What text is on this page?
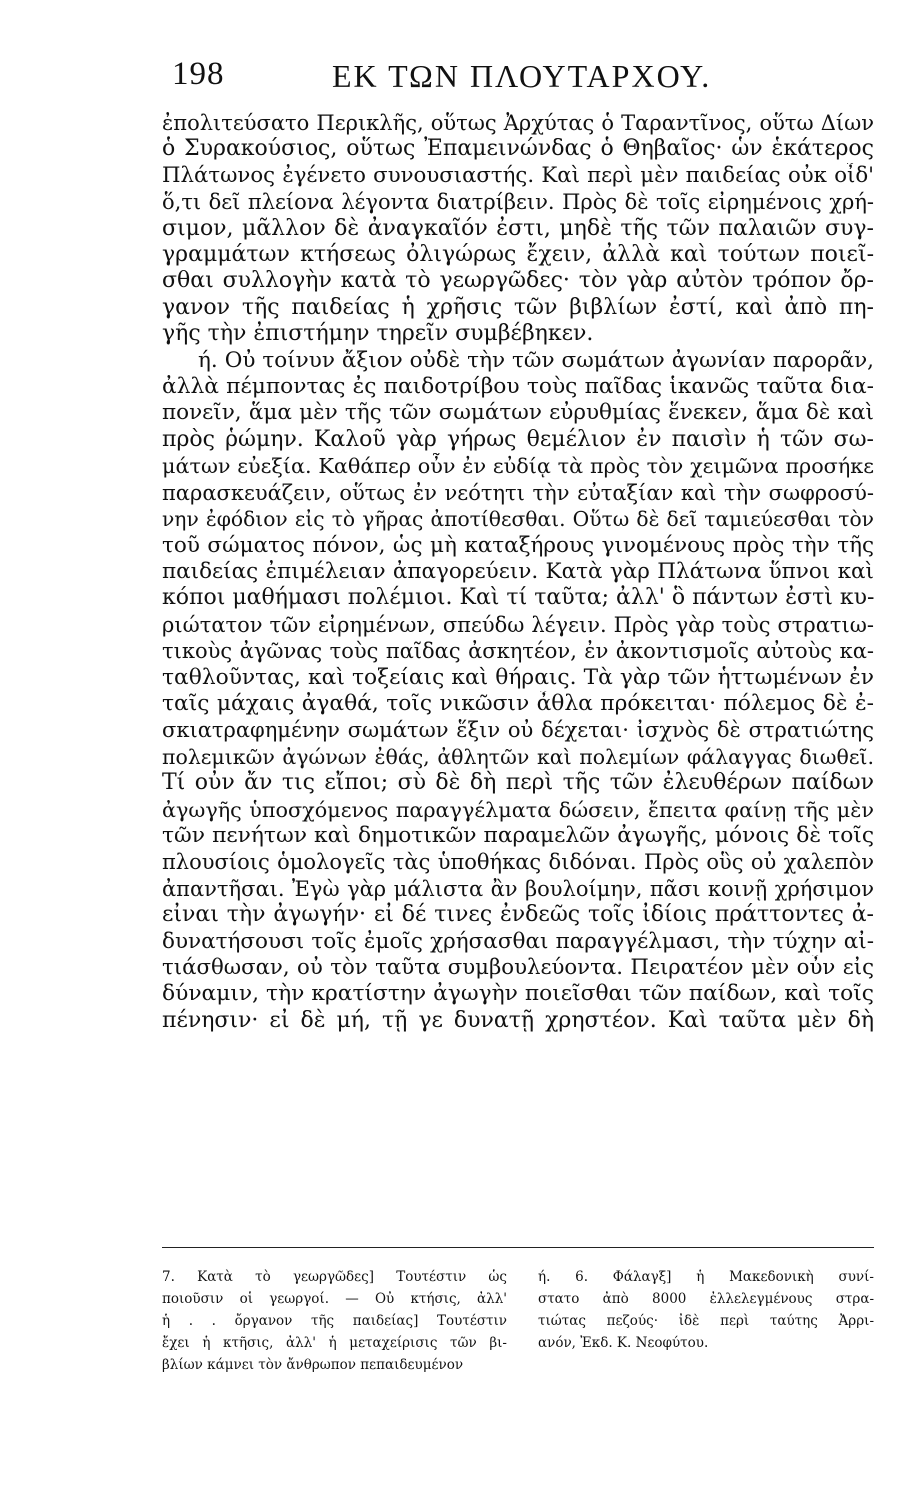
198	ΕΚ ΤΩΝ ΠΛΟΥΤΑΡΧΟΥ.
ἐπολιτεύσατο Περικλῆς, οὕτως Ἀρχύτας ὁ Ταραντῖνος, οὕτω Δίων
ὁ Συρακούσιος, οὕτως Ἐπαμεινώνδας ὁ Θηβαῖος· ὧν ἑκάτερος
Πλάτωνος ἐγένετο συνουσιαστής. Καὶ περὶ μὲν παιδείας οὐκ οἶδ'
ὅ,τι δεῖ πλείονα λέγοντα διατρίβειν. Πρὸς δὲ τοῖς εἰρημένοις χρή-
σιμον, μᾶλλον δὲ ἀναγκαῖόν ἐστι, μηδὲ τῆς τῶν παλαιῶν συγ-
γραμμάτων κτήσεως ὀλιγώρως ἔχειν, ἀλλὰ καὶ τούτων ποιεῖ-
σθαι συλλογὴν κατὰ τὸ γεωργῶδες· τὸν γὰρ αὐτὸν τρόπον ὄρ-
γανον τῆς παιδείας ἡ χρῆσις τῶν βιβλίων ἐστί, καὶ ἀπὸ πη-
γῆς τὴν ἐπιστήμην τηρεῖν συμβέβηκεν.
ή. Οὐ τοίνυν ἄξιον οὐδὲ τὴν τῶν σωμάτων ἀγωνίαν παρορᾶν,
ἀλλὰ πέμποντας ἐς παιδοτρίβου τοὺς παῖδας ἱκανῶς ταῦτα δια-
πονεῖν, ἅμα μὲν τῆς τῶν σωμάτων εὐρυθμίας ἕνεκεν, ἅμα δὲ καὶ
πρὸς ῥώμην. Καλοῦ γὰρ γήρως θεμέλιον ἐν παισὶν ἡ τῶν σω-
μάτων εὐεξία. Καθάπερ οὖν ἐν εὐδίᾳ τὰ πρὸς τὸν χειμῶνα προσήκε
παρασκευάζειν, οὕτως ἐν νεότητι τὴν εὐταξίαν καὶ τὴν σωφροσύ-
νην ἐφόδιον εἰς τὸ γῆρας ἀποτίθεσθαι. Οὕτω δὲ δεῖ ταμιεύεσθαι τὸν
τοῦ σώματος πόνον, ὡς μὴ καταξήρους γινομένους πρὸς τὴν τῆς
παιδείας ἐπιμέλειαν ἀπαγορεύειν. Κατὰ γὰρ Πλάτωνα ὕπνοι καὶ
κόποι μαθήμασι πολέμιοι. Καὶ τί ταῦτα; ἀλλ' ὃ πάντων ἐστὶ κυ-
ριώτατον τῶν εἰρημένων, σπεύδω λέγειν. Πρὸς γὰρ τοὺς στρατιω-
τικοὺς ἀγῶνας τοὺς παῖδας ἀσκητέον, ἐν ἀκοντισμοῖς αὐτοὺς κα-
ταθλοῦντας, καὶ τοξείαις καὶ θήραις. Τὰ γὰρ τῶν ἡττωμένων ἐν
ταῖς μάχαις ἀγαθά, τοῖς νικῶσιν ἆθλα πρόκειται· πόλεμος δὲ ἐ-
σκιατραφημένην σωμάτων ἕξιν οὐ δέχεται· ἰσχνὸς δὲ στρατιώτης
πολεμικῶν ἀγώνων ἐθάς, ἀθλητῶν καὶ πολεμίων φάλαγγας διωθεῖ.
Τί οὖν ἄν τις εἴποι; σὺ δὲ δὴ περὶ τῆς τῶν ἐλευθέρων παίδων
ἀγωγῆς ὑποσχόμενος παραγγέλματα δώσειν, ἔπειτα φαίνῃ τῆς μὲν
τῶν πενήτων καὶ δημοτικῶν παραμελῶν ἀγωγῆς, μόνοις δὲ τοῖς
πλουσίοις ὁμολογεῖς τὰς ὑποθήκας διδόναι. Πρὸς οὓς οὐ χαλεπὸν
ἀπαντῆσαι. Ἐγὼ γὰρ μάλιστα ἂν βουλοίμην, πᾶσι κοινῇ χρήσιμον
εἶναι τὴν ἀγωγήν· εἰ δέ τινες ἐνδεῶς τοῖς ἰδίοις πράττοντες ἀ-
δυνατήσουσι τοῖς ἐμοῖς χρήσασθαι παραγγέλμασι, τὴν τύχην αἰ-
τιάσθωσαν, οὐ τὸν ταῦτα συμβουλεύοντα. Πειρατέον μὲν οὖν εἰς
δύναμιν, τὴν κρατίστην ἀγωγὴν ποιεῖσθαι τῶν παίδων, καὶ τοῖς
πένησιν· εἰ δὲ μή, τῇ γε δυνατῇ χρηστέον. Καὶ ταῦτα μὲν δὴ
7. Κατὰ τὸ γεωργῶδες] Τουτέστιν ὡς
ποιοῦσιν οἱ γεωργοί. — Οὐ κτήσις, ἀλλ'
ἡ . . ὄργανον τῆς παιδείας] Τουτέστιν
ἔχει ἡ κτῆσις, ἀλλ' ἡ μεταχείρισις τῶν βι-
βλίων κάμνει τὸν ἄνθρωπον πεπαιδευμένον
ή. 6. Φάλαγξ] ἡ Μακεδονικὴ συνί-
στατο ἀπὸ 8000 ἐλλελεγμένους στρα-
τιώτας πεζούς· ἰδὲ περὶ ταύτης Ἀρρι-
ανόν, Ἐκδ. Κ. Νεοφύτου.
